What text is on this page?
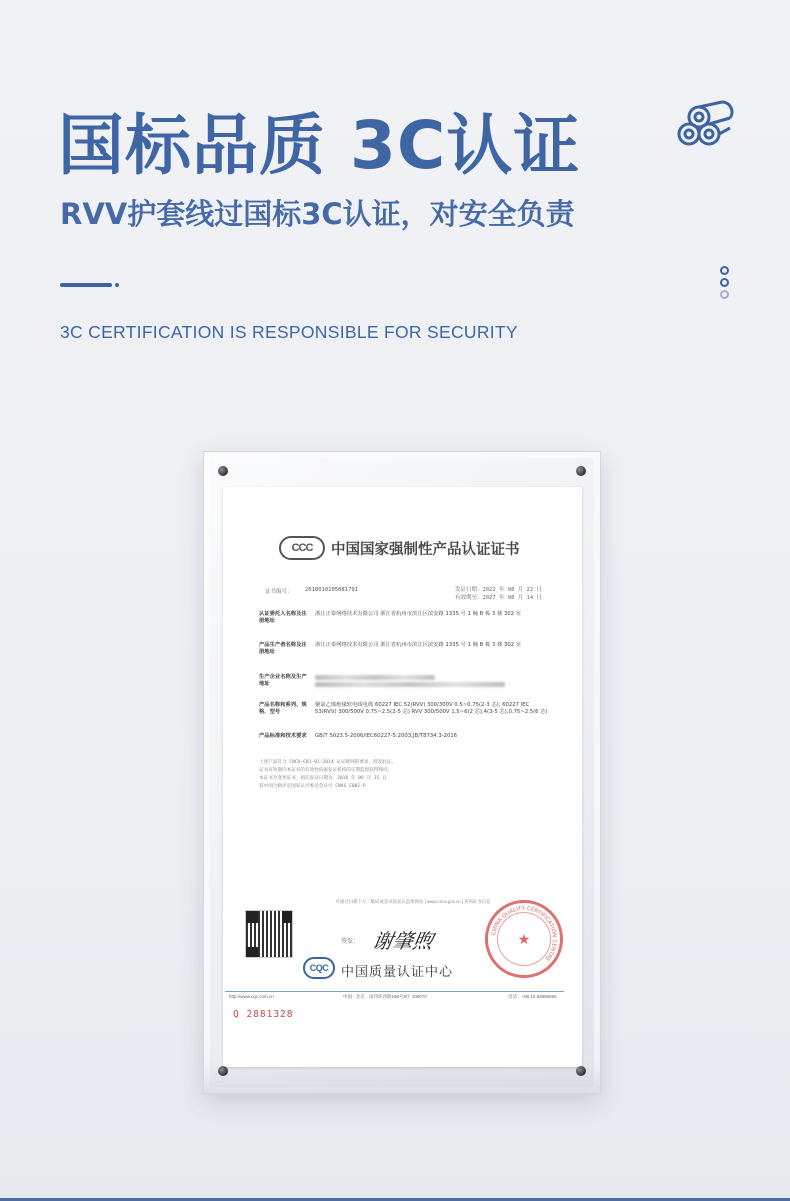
国标品质 3C认证
RVV护套线过国标3C认证，对安全负责
3C CERTIFICATION IS RESPONSIBLE FOR SECURITY
CCC	中国国家强制性产品认证证书
证书编号： 2018010105081791	发证日期：2022 年 08 月 22 日
有效期至：2027 年 08 月 14 日
认证委托人名称及注册地址
浙江正泰网络技术有限公司 浙江省杭州市滨江区滨安路 1335 号 1 幢 B 栋 3 楼 302 室
产品生产者名称及注册地址
浙江正泰网络技术有限公司 浙江省杭州市滨江区滨安路 1335 号 1 幢 B 栋 3 楼 302 室
生产企业名称及生产地址
产品名称和系列、规格、型号
聚氯乙烯绝缘软电线电缆 60227 IEC 52(RVV) 300/300V 0.5~0.75(2-3 芯); 60227 IEC 53(RVV) 300/500V 0.75~2.5(2-5 芯) RVV 300/500V 1.5~6(2 芯),4(3-5 芯),0.75~2.5(6 芯)
产品标准和技术要求 GB/T 5023.5-2006/IEC60227-5:2003;JB/T8734.3-2016
上述产品符合 CNCA-C01-01:2014 认证规则的要求，特发此证。
证书有效期内本证书的有效性依据发证机构的定期监督获得保持。
本证书为变更证书，初次发证日期为：2018 年 06 月 15 日
获中国合格评定国家认可委员会认可 CNAS C001-P
可通过扫描下方二维码或登录国家认监委网站 | www.cnca.gov.cn | 查询证书信息
签发： 谢肇煦
CQC 中国质量认证中心
CHINA QUALITY CERTIFICATION CENTRE
★
http://www.cqc.com.cn	中国 · 北京 · 南四环西路188号9区 100070	电话：+86 10 83886666
Q 2881328
